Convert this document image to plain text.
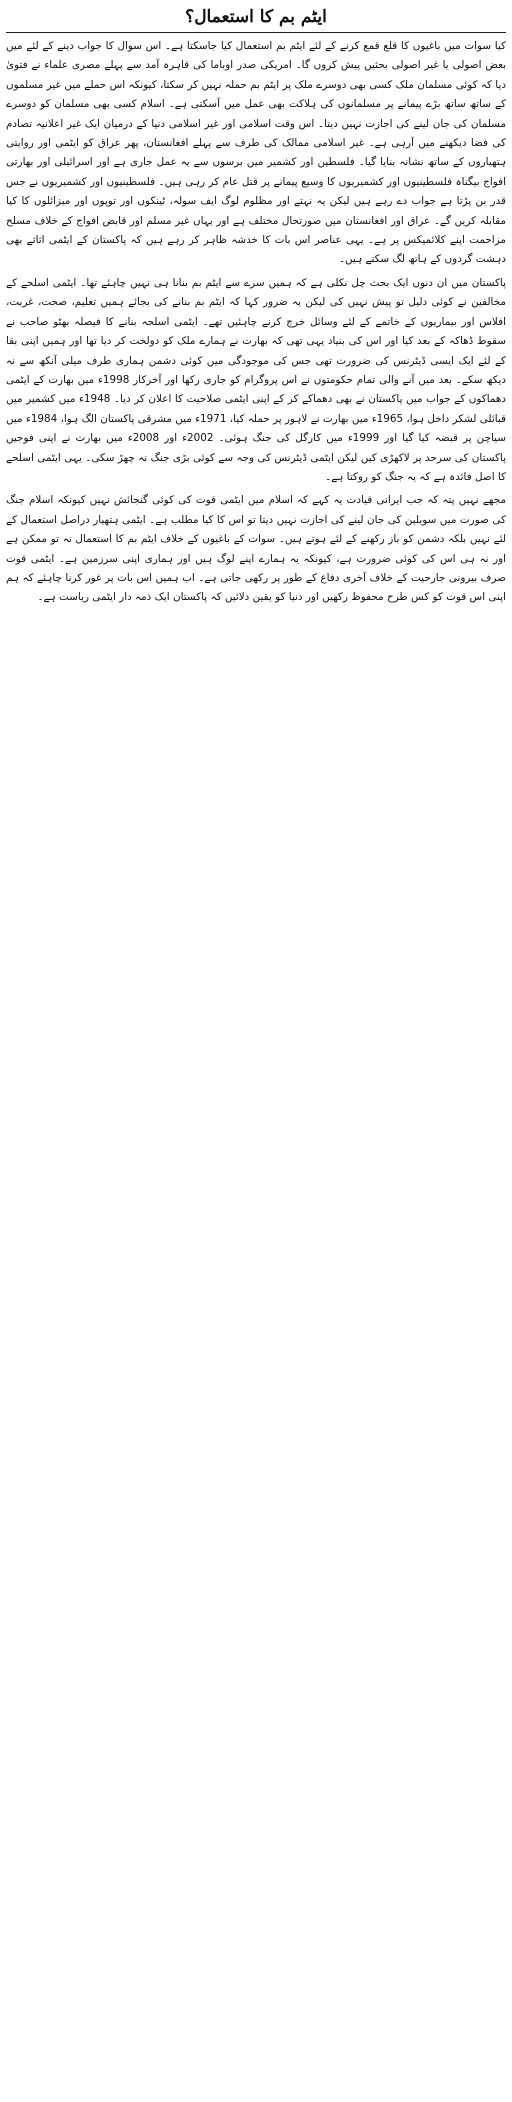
ایٹم بم کا استعمال؟

کیا سوات میں باغیوں کا قلع قمع کرنے کے لئے ایٹم بم استعمال کیا جاسکتا ہے۔ اس سوال کا جواب دینے کے لئے میں بعض اصولی یا غیر اصولی بحثیں پیش کروں گا۔ امریکی صدر اوباما کی قاہرہ آمد سے پہلے مصری علماء نے فتویٰ دیا کہ کوئی مسلمان ملک کسی بھی دوسرے ملک پر ایٹم بم حملہ نہیں کر سکتا، کیونکہ اس حملے میں غیر مسلموں کے ساتھ ساتھ بڑے پیمانے پر مسلمانوں کی ہلاکت بھی عمل میں آسکتی ہے۔ اسلام کسی بھی مسلمان کو دوسرے مسلمان کی جان لینے کی اجازت نہیں دیتا۔ اس وقت اسلامی اور غیر اسلامی دنیا کے درمیان ایک غیر اعلانیہ تصادم کی فضا دیکھنے میں آرہی ہے۔ غیر اسلامی ممالک کی طرف سے پہلے افغانستان، پھر عراق کو ایٹمی اور روایتی ہتھیاروں کے ساتھ نشانہ بنایا گیا۔ فلسطین اور کشمیر میں برسوں سے یہ عمل جاری ہے اور اسرائیلی اور بھارتی افواج بیگناہ فلسطینیوں اور کشمیریوں کا وسیع پیمانے پر قتل عام کر رہی ہیں۔ فلسطینیوں اور کشمیریوں نے جس قدر بن پڑتا ہے جواب دے رہے ہیں لیکن یہ نہتے اور مظلوم لوگ ایف سولہ، ٹینکوں اور توپوں اور میزائلوں کا کیا مقابلہ کریں گے۔ عراق اور افغانستان میں صورتحال مختلف ہے اور یہاں غیر مسلم اور قابض افواج کے خلاف مسلح مزاحمت اپنے کلائمیکس پر ہے۔ یہی عناصر اس بات کا خدشہ ظاہر کر رہے ہیں کہ پاکستان کے ایٹمی اثاثے بھی دہشت گردوں کے ہاتھ لگ سکتے ہیں۔

پاکستان میں ان دنوں ایک بحث چل نکلی ہے کہ ہمیں سرے سے ایٹم بم بنانا ہی نہیں چاہئے تھا۔ ایٹمی اسلحے کے مخالفین نے کوئی دلیل تو پیش نہیں کی لیکن یہ ضرور کہا کہ ایٹم بم بنانے کی بجائے ہمیں تعلیم، صحت، غربت، افلاس اور بیماریوں کے خاتمے کے لئے وسائل خرچ کرنے چاہئیں تھے۔ ایٹمی اسلحہ بنانے کا فیصلہ بھٹو صاحب نے سقوط ڈھاکہ کے بعد کیا اور اس کی بنیاد یہی تھی کہ بھارت نے ہمارے ملک کو دولخت کر دیا تھا اور ہمیں اپنی بقا کے لئے ایک ایسی ڈیٹرنس کی ضرورت تھی جس کی موجودگی میں کوئی دشمن ہماری طرف میلی آنکھ سے نہ دیکھ سکے۔ بعد میں آنے والی تمام حکومتوں نے اس پروگرام کو جاری رکھا اور آخرکار 1998ء میں بھارت کے ایٹمی دھماکوں کے جواب میں پاکستان نے بھی دھماکے کر کے اپنی ایٹمی صلاحیت کا اعلان کر دیا۔ 1948ء میں کشمیر میں قبائلی لشکر داخل ہوا، 1965ء میں بھارت نے لاہور پر حملہ کیا، 1971ء میں مشرقی پاکستان الگ ہوا، 1984ء میں سیاچن پر قبضہ کیا گیا اور 1999ء میں کارگل کی جنگ ہوئی۔ 2002ء اور 2008ء میں بھارت نے اپنی فوجیں پاکستان کی سرحد پر لاکھڑی کیں لیکن ایٹمی ڈیٹرنس کی وجہ سے کوئی بڑی جنگ نہ چھڑ سکی۔ یہی ایٹمی اسلحے کا اصل فائدہ ہے کہ یہ جنگ کو روکتا ہے۔

مجھے نہیں پتہ کہ جب ایرانی قیادت یہ کہے کہ اسلام میں ایٹمی قوت کی کوئی گنجائش نہیں کیونکہ اسلام جنگ کی صورت میں سویلین کی جان لینے کی اجازت نہیں دیتا تو اس کا کیا مطلب ہے۔ ایٹمی ہتھیار دراصل استعمال کے لئے نہیں بلکہ دشمن کو باز رکھنے کے لئے ہوتے ہیں۔ سوات کے باغیوں کے خلاف ایٹم بم کا استعمال نہ تو ممکن ہے اور نہ ہی اس کی کوئی ضرورت ہے، کیونکہ یہ ہمارے اپنے لوگ ہیں اور ہماری اپنی سرزمین ہے۔ ایٹمی قوت صرف بیرونی جارحیت کے خلاف آخری دفاع کے طور پر رکھی جاتی ہے۔ اب ہمیں اس بات پر غور کرنا چاہئے کہ ہم اپنی اس قوت کو کس طرح محفوظ رکھیں اور دنیا کو یقین دلائیں کہ پاکستان ایک ذمہ دار ایٹمی ریاست ہے۔
